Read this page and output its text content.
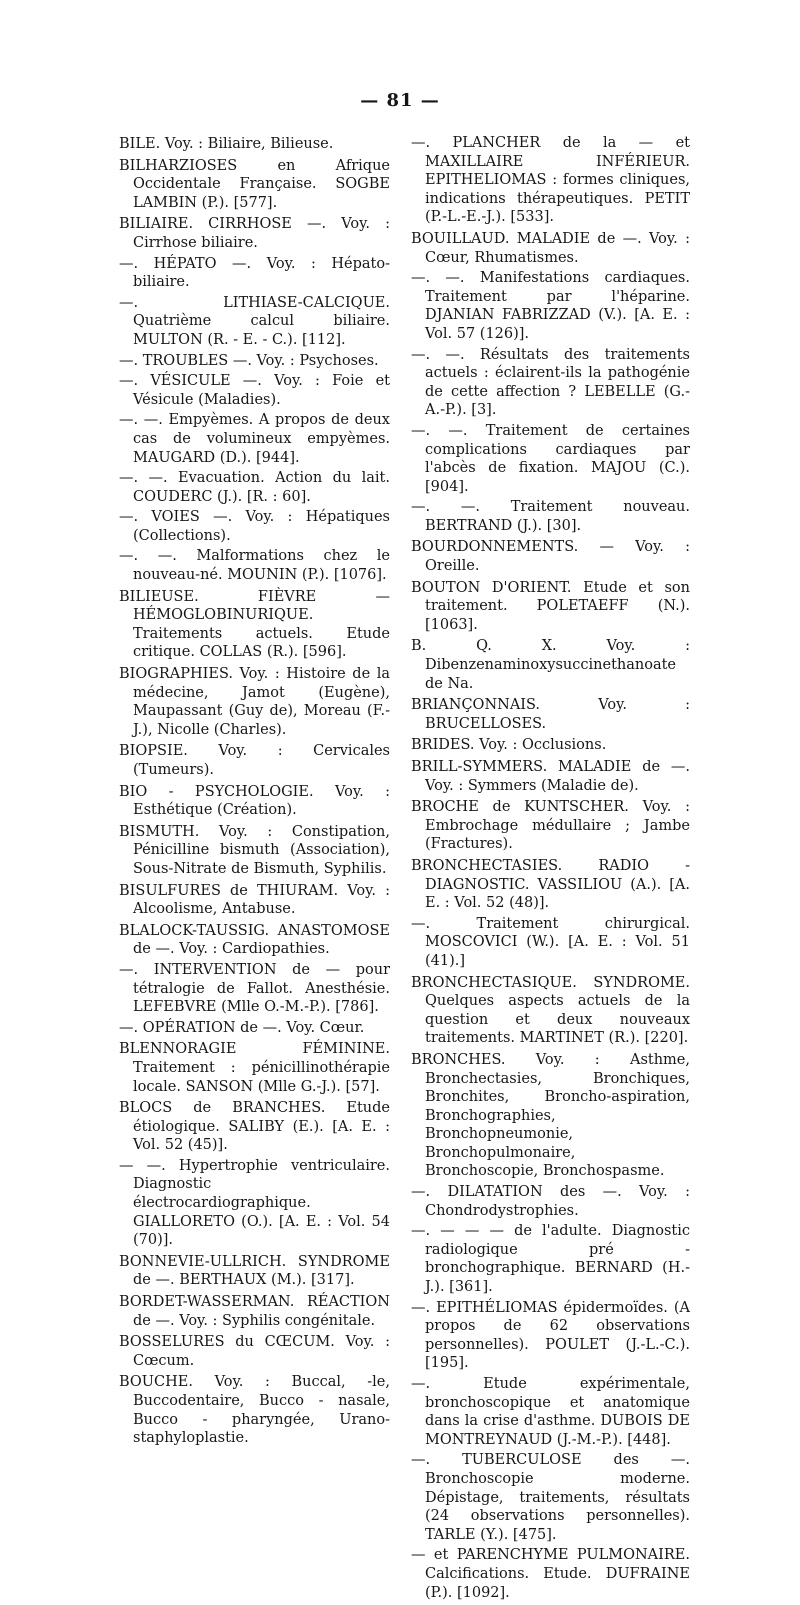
— 81 —

BILE. Voy. : Biliaire, Bilieuse.

BILHARZIOSES en Afrique Occidentale Française. SOGBE LAMBIN (P.). [577].

BILIAIRE. CIRRHOSE —. Voy. : Cirrhose biliaire.

—. HÉPATO —. Voy. : Hépato-biliaire.

—. LITHIASE-CALCIQUE. Quatrième calcul biliaire. MULTON (R. - E. - C.). [112].

—. TROUBLES —. Voy. : Psychoses.

—. VÉSICULE —. Voy. : Foie et Vésicule (Maladies).

—. —. Empyèmes. A propos de deux cas de volumineux empyèmes. MAUGARD (D.). [944].

—. —. Evacuation. Action du lait. COUDERC (J.). [R. : 60].

—. VOIES —. Voy. : Hépatiques (Collections).

—. —. Malformations chez le nouveau-né. MOUNIN (P.). [1076].

BILIEUSE. FIÈVRE — HÉMOGLOBINURIQUE. Traitements actuels. Etude critique. COLLAS (R.). [596].

BIOGRAPHIES. Voy. : Histoire de la médecine, Jamot (Eugène), Maupassant (Guy de), Moreau (F.-J.), Nicolle (Charles).

BIOPSIE. Voy. : Cervicales (Tumeurs).

BIO - PSYCHOLOGIE. Voy. : Esthétique (Création).

BISMUTH. Voy. : Constipation, Pénicilline bismuth (Association), Sous-Nitrate de Bismuth, Syphilis.

BISULFURES de THIURAM. Voy. : Alcoolisme, Antabuse.

BLALOCK-TAUSSIG. ANASTOMOSE de —. Voy. : Cardiopathies.

—. INTERVENTION de — pour tétralogie de Fallot. Anesthésie. LEFEBVRE (Mlle O.-M.-P.). [786].

—. OPÉRATION de —. Voy. Cœur.

BLENNORAGIE FÉMININE. Traitement : pénicillinothérapie locale. SANSON (Mlle G.-J.). [57].

BLOCS de BRANCHES. Etude étiologique. SALIBY (E.). [A. E. : Vol. 52 (45)].

— —. Hypertrophie ventriculaire. Diagnostic électrocardiographique. GIALLORETO (O.). [A. E. : Vol. 54 (70)].

BONNEVIE-ULLRICH. SYNDROME de —. BERTHAUX (M.). [317].

BORDET-WASSERMAN. RÉACTION de —. Voy. : Syphilis congénitale.

BOSSELURES du CŒCUM. Voy. : Cœcum.

BOUCHE. Voy. : Buccal, -le, Buccodentaire, Bucco - nasale, Bucco - pharyngée, Urano-staphyloplastie.

—. PLANCHER de la — et MAXILLAIRE INFÉRIEUR. EPITHELIOMAS : formes cliniques, indications thérapeutiques. PETIT (P.-L.-E.-J.). [533].

BOUILLAUD. MALADIE de —. Voy. : Cœur, Rhumatismes.

—. —. Manifestations cardiaques. Traitement par l'héparine. DJANIAN FABRIZZAD (V.). [A. E. : Vol. 57 (126)].

—. —. Résultats des traitements actuels : éclairent-ils la pathogénie de cette affection ? LEBELLE (G.-A.-P.). [3].

—. —. Traitement de certaines complications cardiaques par l'abcès de fixation. MAJOU (C.). [904].

—. —. Traitement nouveau. BERTRAND (J.). [30].

BOURDONNEMENTS. — Voy. : Oreille.

BOUTON D'ORIENT. Etude et son traitement. POLETAEFF (N.). [1063].

B. Q. X. Voy. : Dibenzenaminoxysuccinethanoate de Na.

BRIANÇONNAIS. Voy. : BRUCELLOSES.

BRIDES. Voy. : Occlusions.

BRILL-SYMMERS. MALADIE de —. Voy. : Symmers (Maladie de).

BROCHE de KUNTSCHER. Voy. : Embrochage médullaire ; Jambe (Fractures).

BRONCHECTASIES. RADIO - DIAGNOSTIC. VASSILIOU (A.). [A. E. : Vol. 52 (48)].

—. Traitement chirurgical. MOSCOVICI (W.). [A. E. : Vol. 51 (41).]

BRONCHECTASIQUE. SYNDROME. Quelques aspects actuels de la question et deux nouveaux traitements. MARTINET (R.). [220].

BRONCHES. Voy. : Asthme, Bronchectasies, Bronchiques, Bronchites, Broncho-aspiration, Bronchographies, Bronchopneumonie, Bronchopulmonaire, Bronchoscopie, Bronchospasme.

—. DILATATION des —. Voy. : Chondrodystrophies.

—. — — — de l'adulte. Diagnostic radiologique pré - bronchographique. BERNARD (H.-J.). [361].

—. EPITHÉLIOMAS épidermoïdes. (A propos de 62 observations personnelles). POULET (J.-L.-C.). [195].

—. Etude expérimentale, bronchoscopique et anatomique dans la crise d'asthme. DUBOIS DE MONTREYNAUD (J.-M.-P.). [448].

—. TUBERCULOSE des —. Bronchoscopie moderne. Dépistage, traitements, résultats (24 observations personnelles). TARLE (Y.). [475].

— et PARENCHYME PULMONAIRE. Calcifications. Etude. DUFRAINE (P.). [1092].
